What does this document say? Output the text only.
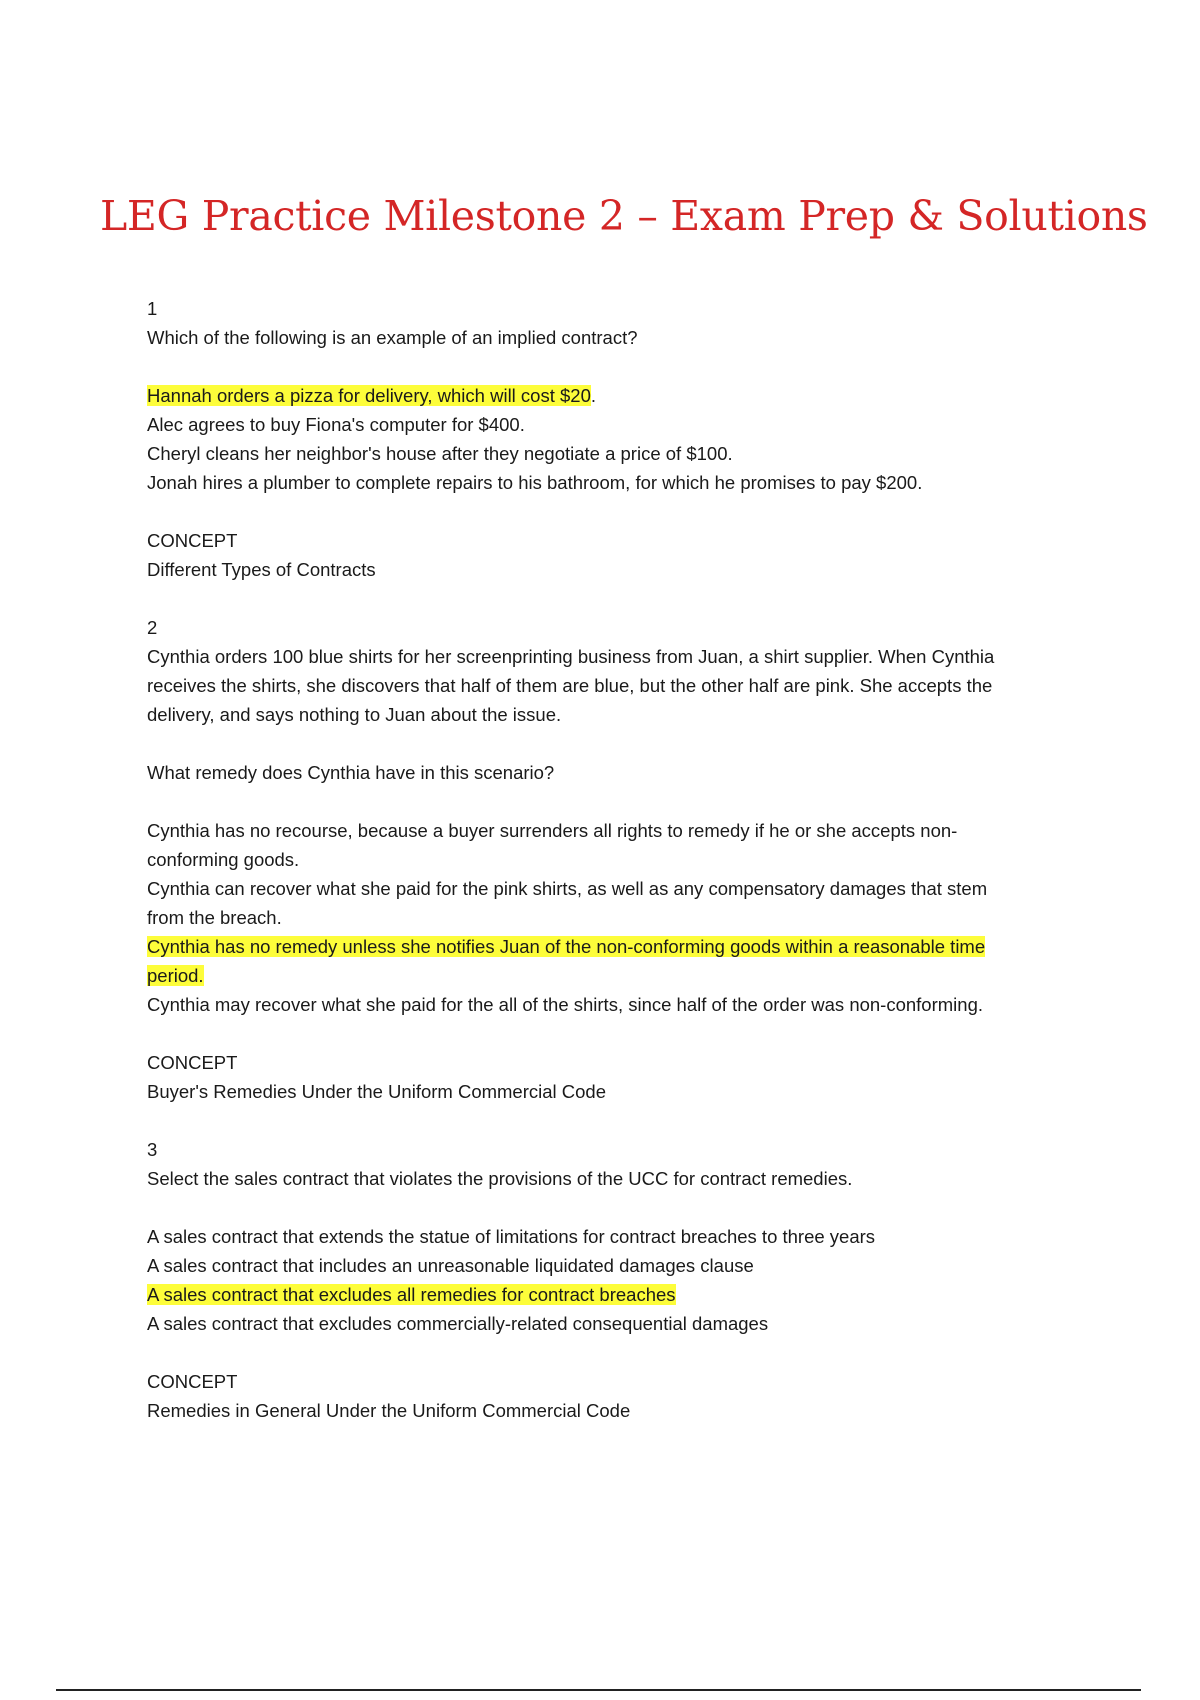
LEG Practice Milestone 2 – Exam Prep & Solutions
1
Which of the following is an example of an implied contract?
Hannah orders a pizza for delivery, which will cost $20.
Alec agrees to buy Fiona's computer for $400.
Cheryl cleans her neighbor's house after they negotiate a price of $100.
Jonah hires a plumber to complete repairs to his bathroom, for which he promises to pay $200.
CONCEPT
Different Types of Contracts
2
Cynthia orders 100 blue shirts for her screenprinting business from Juan, a shirt supplier. When Cynthia
receives the shirts, she discovers that half of them are blue, but the other half are pink. She accepts the
delivery, and says nothing to Juan about the issue.
What remedy does Cynthia have in this scenario?
Cynthia has no recourse, because a buyer surrenders all rights to remedy if he or she accepts non-
conforming goods.
Cynthia can recover what she paid for the pink shirts, as well as any compensatory damages that stem
from the breach.
Cynthia has no remedy unless she notifies Juan of the non-conforming goods within a reasonable time
period.
Cynthia may recover what she paid for the all of the shirts, since half of the order was non-conforming.
CONCEPT
Buyer's Remedies Under the Uniform Commercial Code
3
Select the sales contract that violates the provisions of the UCC for contract remedies.
A sales contract that extends the statue of limitations for contract breaches to three years
A sales contract that includes an unreasonable liquidated damages clause
A sales contract that excludes all remedies for contract breaches
A sales contract that excludes commercially-related consequential damages
CONCEPT
Remedies in General Under the Uniform Commercial Code
